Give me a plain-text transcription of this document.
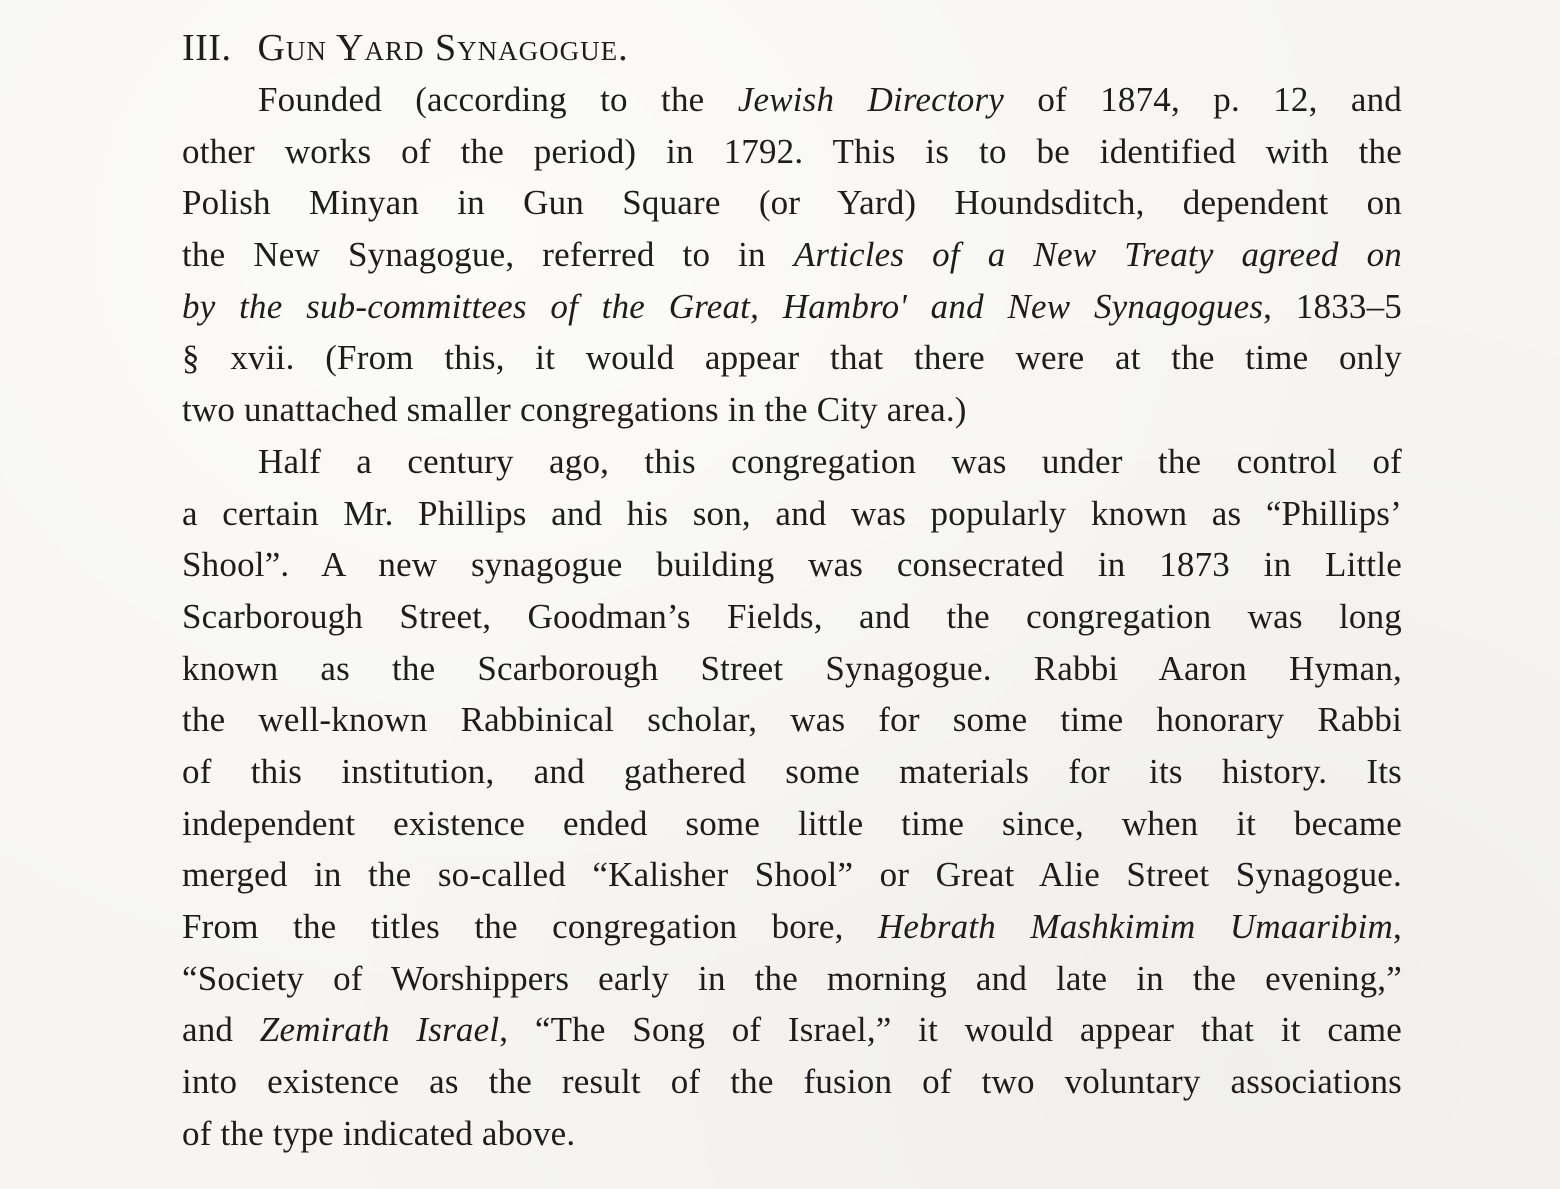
III. Gun Yard Synagogue.
Founded (according to the Jewish Directory of 1874, p. 12, and
other works of the period) in 1792. This is to be identified with the
Polish Minyan in Gun Square (or Yard) Houndsditch, dependent on
the New Synagogue, referred to in Articles of a New Treaty agreed on
by the sub-committees of the Great, Hambro' and New Synagogues, 1833–5
§ xvii. (From this, it would appear that there were at the time only
two unattached smaller congregations in the City area.)
Half a century ago, this congregation was under the control of
a certain Mr. Phillips and his son, and was popularly known as “Phillips’
Shool”. A new synagogue building was consecrated in 1873 in Little
Scarborough Street, Goodman’s Fields, and the congregation was long
known as the Scarborough Street Synagogue. Rabbi Aaron Hyman,
the well-known Rabbinical scholar, was for some time honorary Rabbi
of this institution, and gathered some materials for its history. Its
independent existence ended some little time since, when it became
merged in the so-called “Kalisher Shool” or Great Alie Street Synagogue.
From the titles the congregation bore, Hebrath Mashkimim Umaaribim,
“Society of Worshippers early in the morning and late in the evening,”
and Zemirath Israel, “The Song of Israel,” it would appear that it came
into existence as the result of the fusion of two voluntary associations
of the type indicated above.
